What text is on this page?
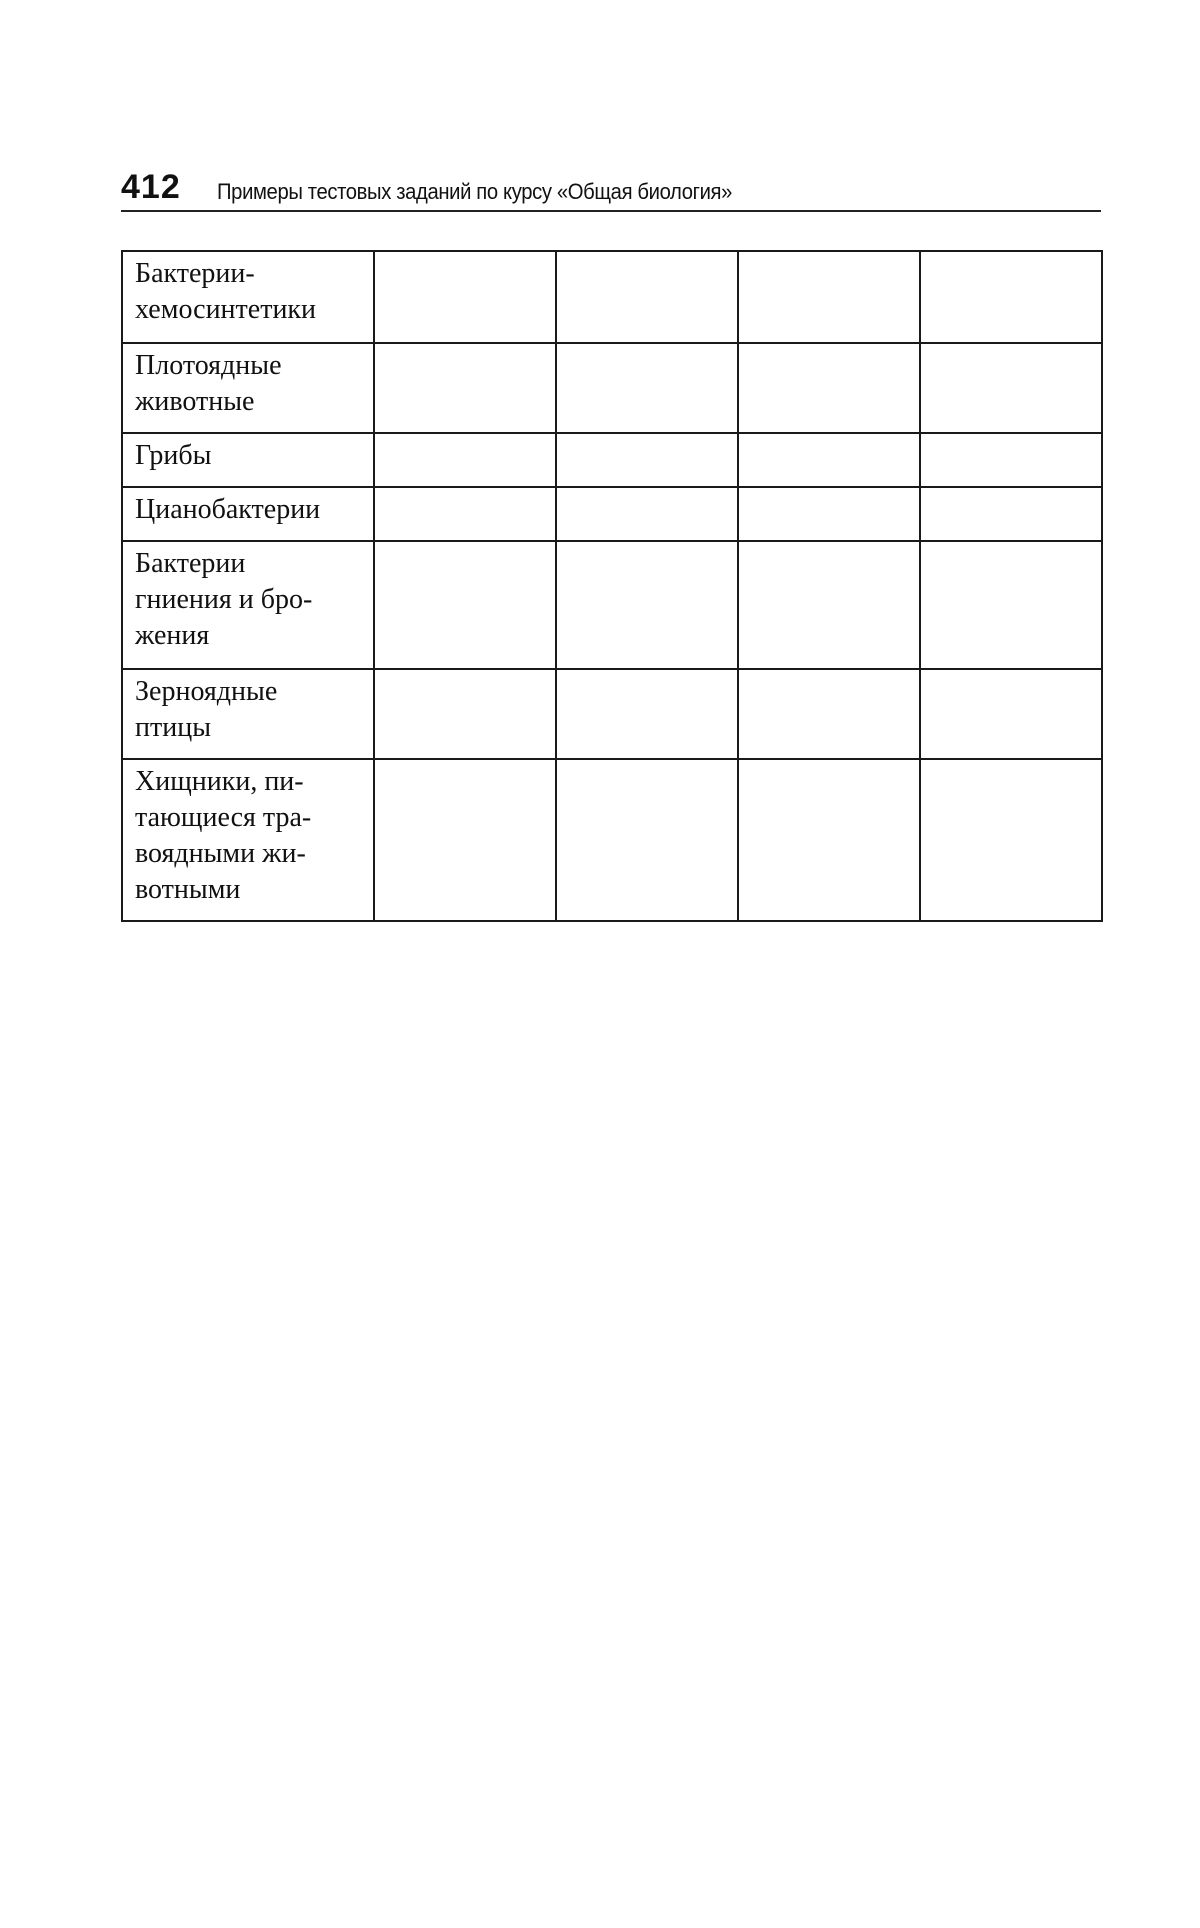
412 Примеры тестовых заданий по курсу «Общая биология»
Бактерии-
хемосинтетики				

Плотоядные
животные				

Грибы				

Цианобактерии				

Бактерии
гниения и бро-
жения				

Зерноядные
птицы				

Хищники, пи-
тающиеся тра-
воядными жи-
вотными				
